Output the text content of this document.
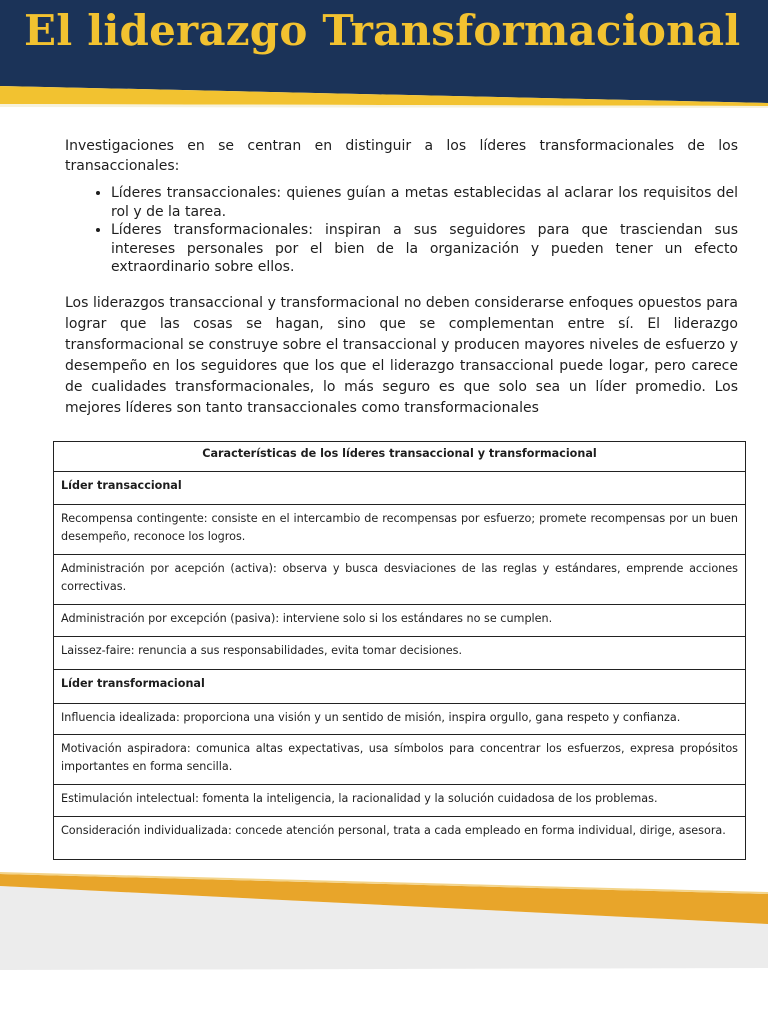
El liderazgo Transformacional

Investigaciones en se centran en distinguir a los líderes transformacionales de los transaccionales:

• Líderes transaccionales: quienes guían a metas establecidas al aclarar los requisitos del rol y de la tarea.
• Líderes transformacionales: inspiran a sus seguidores para que trasciendan sus intereses personales por el bien de la organización y pueden tener un efecto extraordinario sobre ellos.

Los liderazgos transaccional y transformacional no deben considerarse enfoques opuestos para lograr que las cosas se hagan, sino que se complementan entre sí. El liderazgo transformacional se construye sobre el transaccional y producen mayores niveles de esfuerzo y desempeño en los seguidores que los que el liderazgo transaccional puede logar, pero carece de cualidades transformacionales, lo más seguro es que solo sea un líder promedio. Los mejores líderes son tanto transaccionales como transformacionales

Características de los líderes transaccional y transformacional
Líder transaccional
Recompensa contingente: consiste en el intercambio de recompensas por esfuerzo; promete recompensas por un buen desempeño, reconoce los logros.
Administración por acepción (activa): observa y busca desviaciones de las reglas y estándares, emprende acciones correctivas.
Administración por excepción (pasiva): interviene solo si los estándares no se cumplen.
Laissez-faire: renuncia a sus responsabilidades, evita tomar decisiones.
Líder transformacional
Influencia idealizada: proporciona una visión y un sentido de misión, inspira orgullo, gana respeto y confianza.
Motivación aspiradora: comunica altas expectativas, usa símbolos para concentrar los esfuerzos, expresa propósitos importantes en forma sencilla.
Estimulación intelectual: fomenta la inteligencia, la racionalidad y la solución cuidadosa de los problemas.
Consideración individualizada: concede atención personal, trata a cada empleado en forma individual, dirige, asesora.
